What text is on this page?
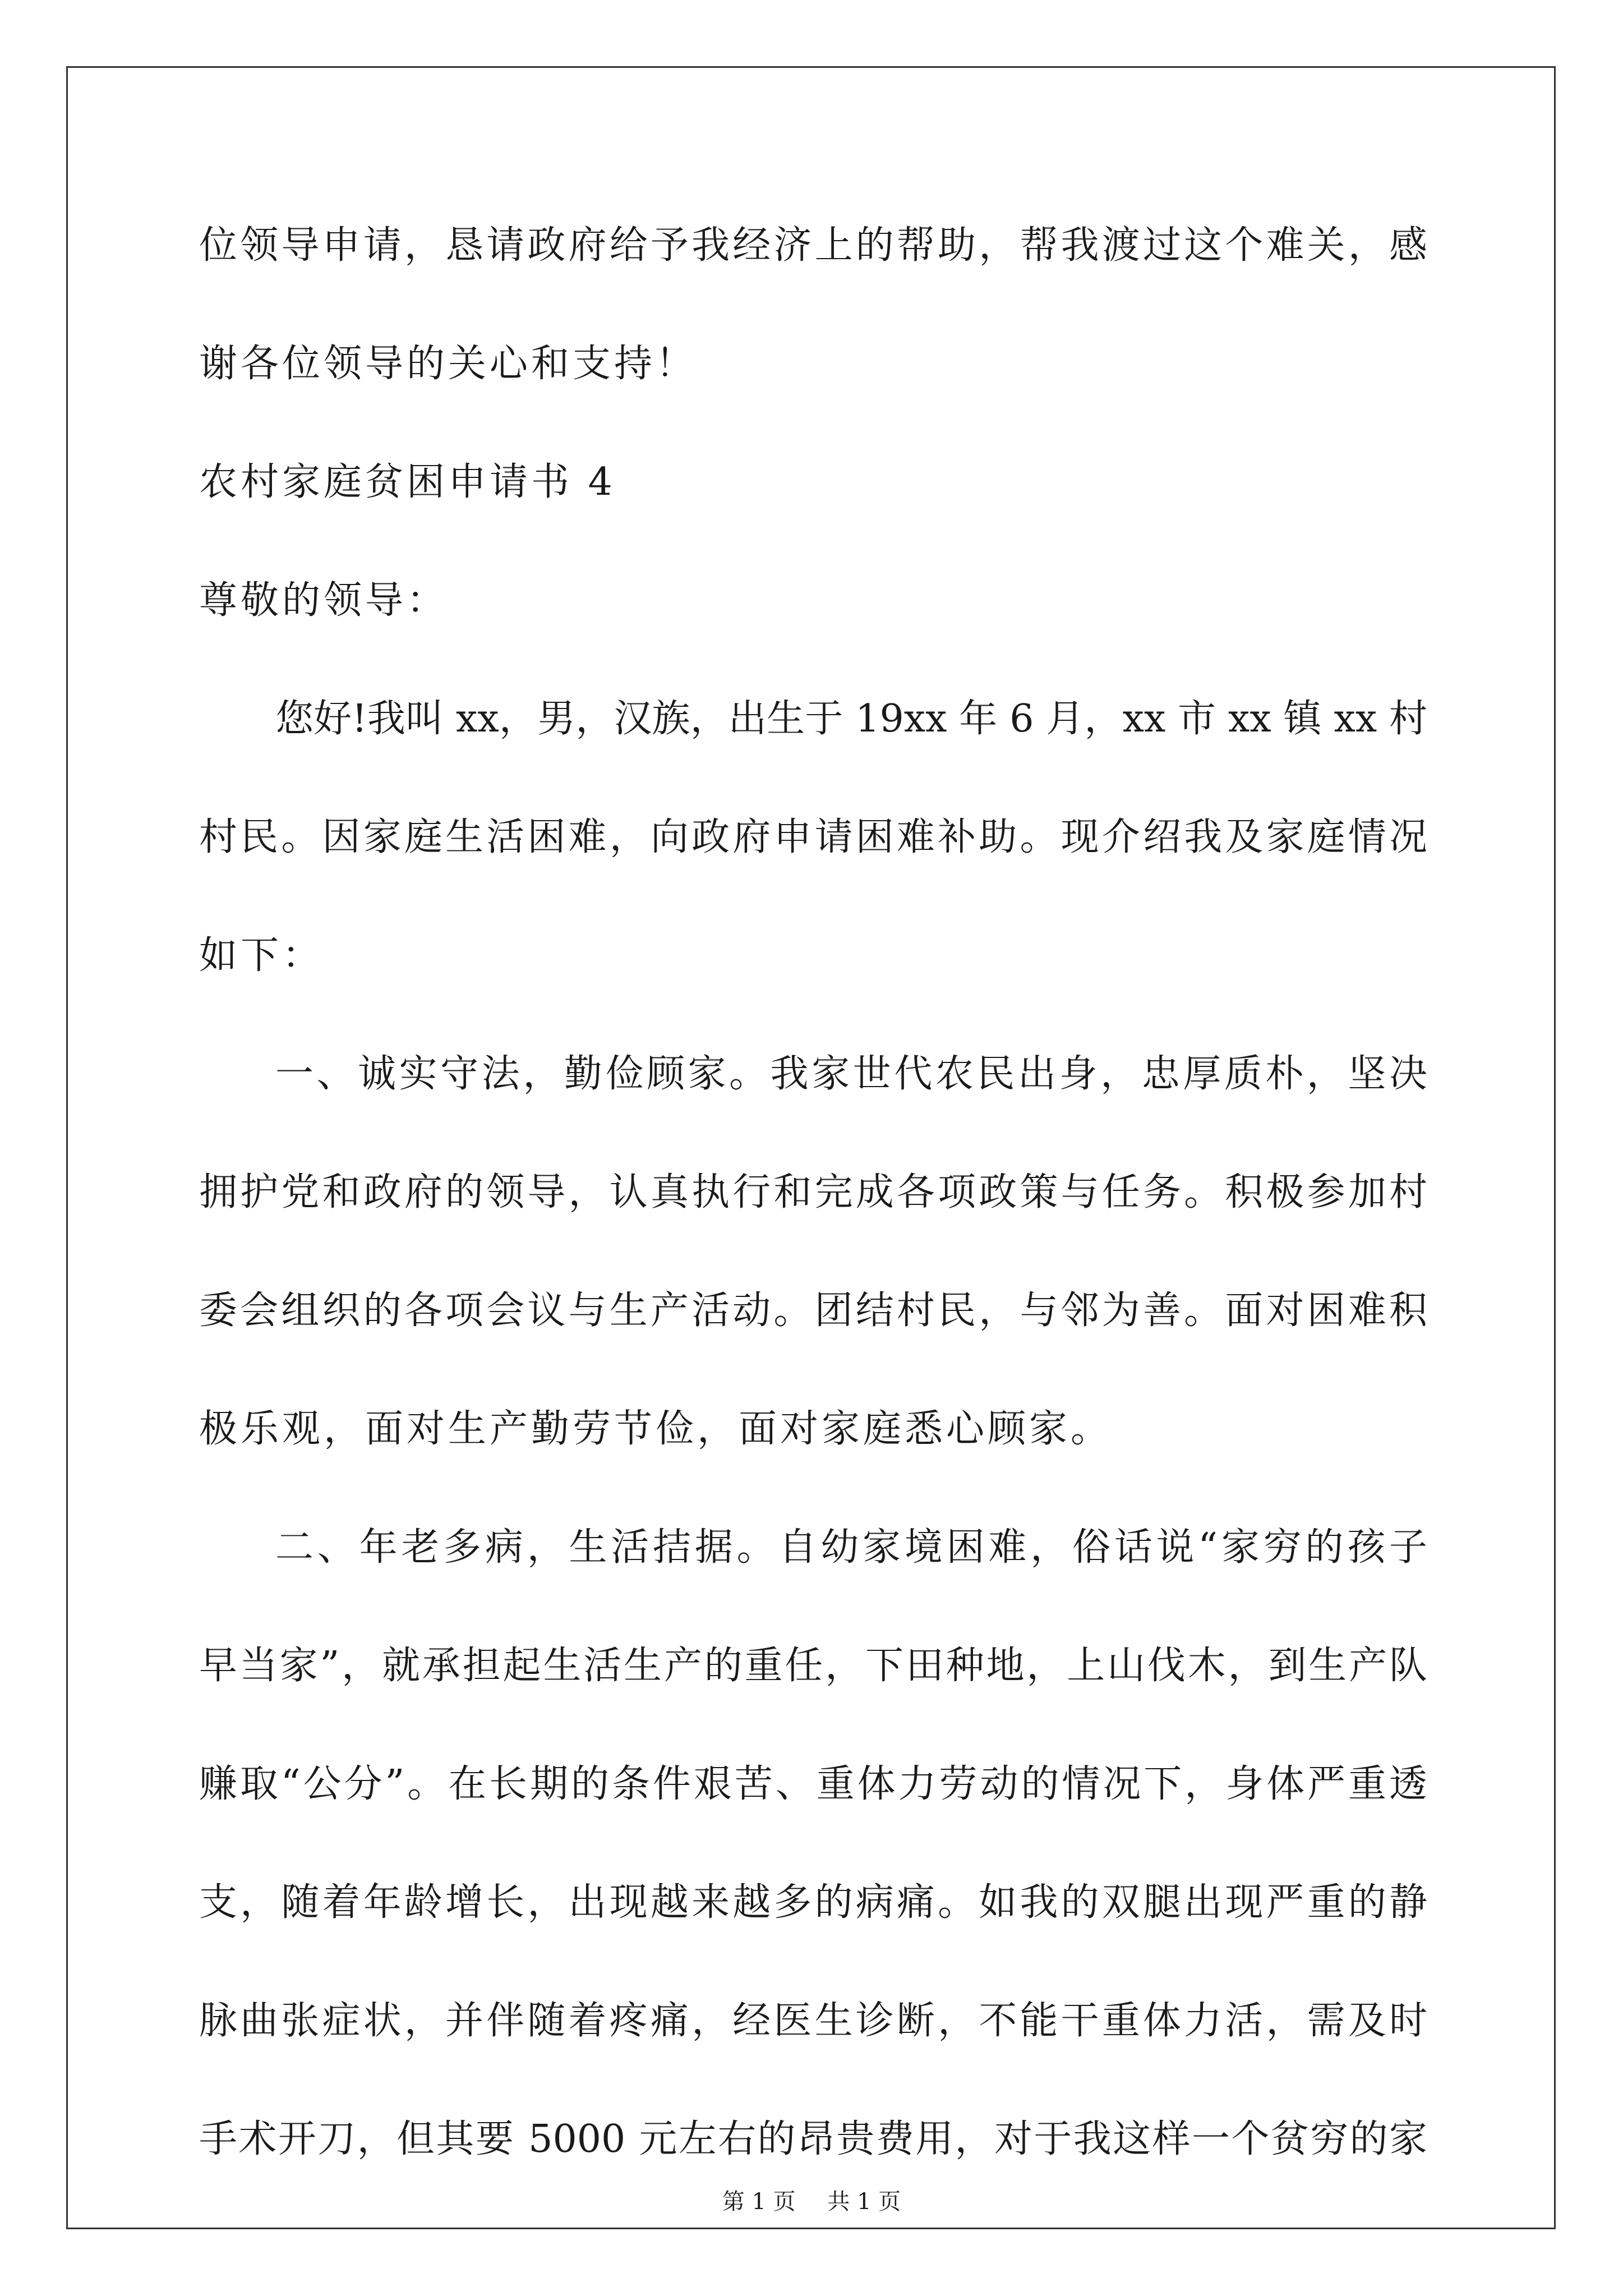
位领导申请，恳请政府给予我经济上的帮助，帮我渡过这个难关，感
谢各位领导的关心和支持！
农村家庭贫困申请书 4
尊敬的领导：
您好!我叫 xx，男，汉族，出生于 19xx 年 6 月，xx 市 xx 镇 xx 村
村民。因家庭生活困难，向政府申请困难补助。现介绍我及家庭情况
如下：
一、诚实守法，勤俭顾家。我家世代农民出身，忠厚质朴，坚决
拥护党和政府的领导，认真执行和完成各项政策与任务。积极参加村
委会组织的各项会议与生产活动。团结村民，与邻为善。面对困难积
极乐观，面对生产勤劳节俭，面对家庭悉心顾家。
二、年老多病，生活拮据。自幼家境困难，俗话说“家穷的孩子
早当家”，就承担起生活生产的重任，下田种地，上山伐木，到生产队
赚取“公分”。在长期的条件艰苦、重体力劳动的情况下，身体严重透
支，随着年龄增长，出现越来越多的病痛。如我的双腿出现严重的静
脉曲张症状，并伴随着疼痛，经医生诊断，不能干重体力活，需及时
手术开刀，但其要 5000 元左右的昂贵费用，对于我这样一个贫穷的家
第 1 页 共 1 页
